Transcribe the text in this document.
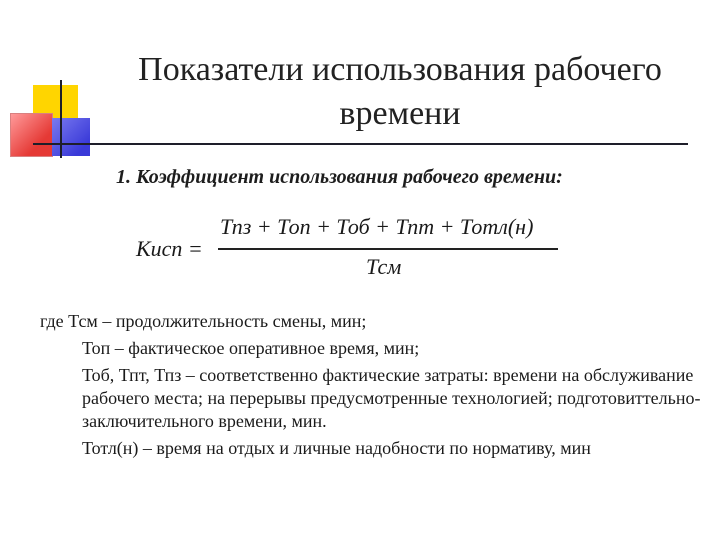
Показатели использования рабочего времени
1. Коэффициент использования рабочего времени:
Кисп =
Тпз + Топ + Тоб + Тпт + Тотл(н)
Тсм

где Тсм – продолжительность смены, мин;

Топ – фактическое оперативное время, мин;

Тоб, Тпт, Тпз – соответственно фактические затраты: времени на обслуживание рабочего места; на перерывы предусмотренные технологией; подготовиттельно-заключительного времени, мин.

Тотл(н) – время на отдых и личные надобности по нормативу, мин
